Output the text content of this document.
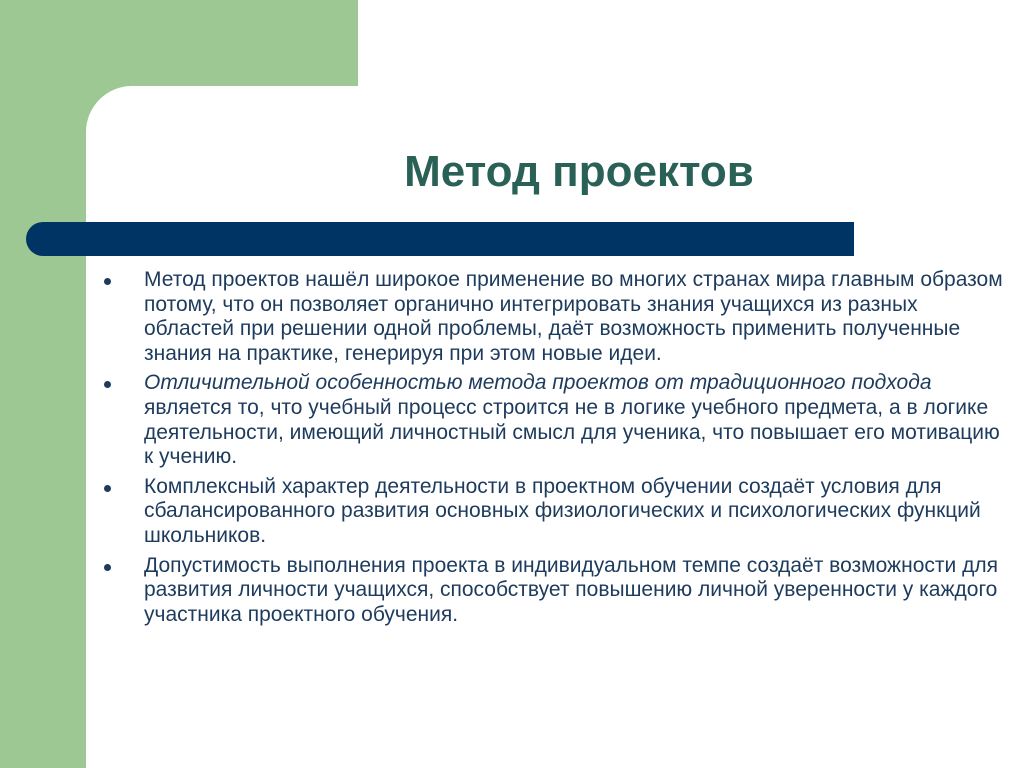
Метод проектов
Метод проектов нашёл широкое применение во многих странах мира главным образом потому, что он позволяет органично интегрировать знания учащихся из разных областей при решении одной проблемы, даёт возможность применить полученные знания на практике, генерируя при этом новые идеи.
Отличительной особенностью метода проектов от традиционного подхода является то, что учебный процесс строится не в логике учебного предмета, а в логике деятельности, имеющий личностный смысл для ученика, что повышает его мотивацию к учению.
Комплексный характер деятельности в проектном обучении создаёт условия для сбалансированного развития основных физиологических и психологических функций школьников.
Допустимость выполнения проекта в индивидуальном темпе создаёт возможности для развития личности учащихся, способствует повышению личной уверенности у каждого участника проектного обучения.
